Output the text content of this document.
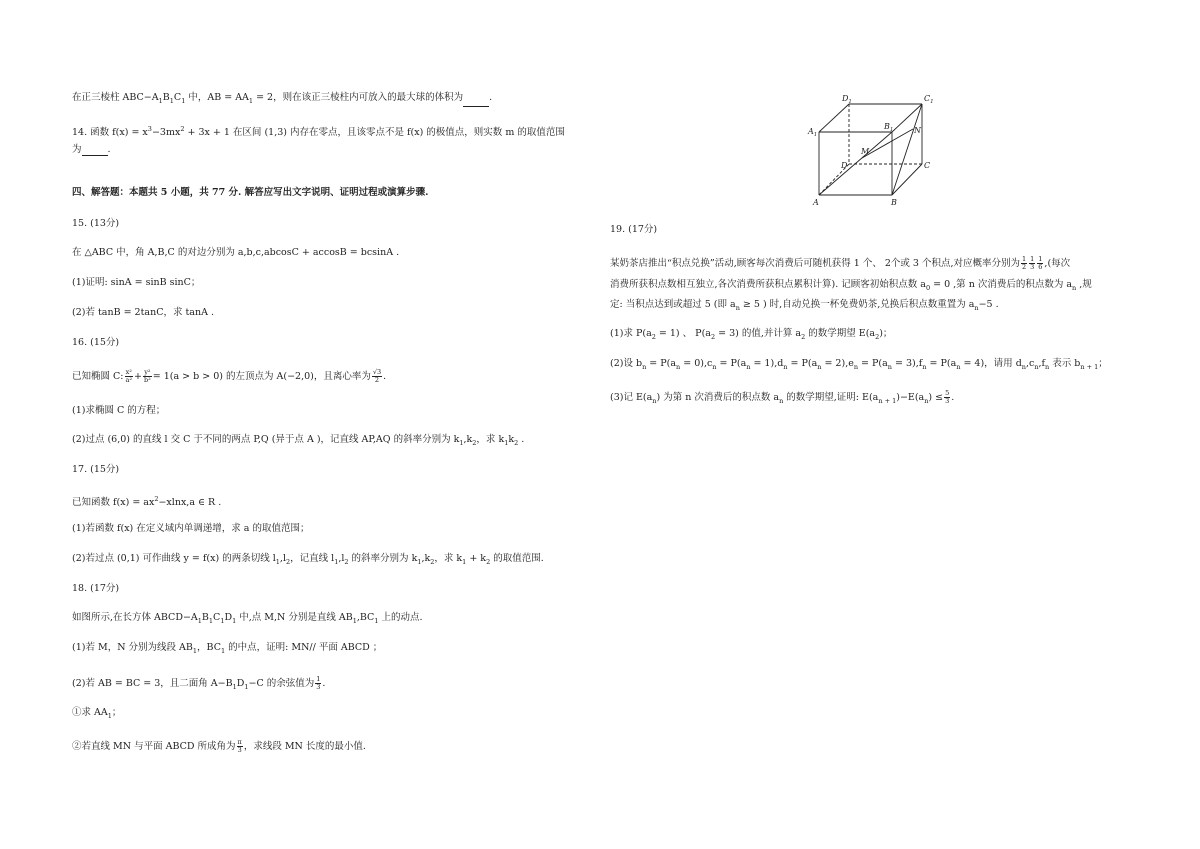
在正三棱柱 $ABC-A_1B_1C_1$ 中，AB = $AA_1 = 2$，则在该正三棱柱内可放入的最大球的体积为	.
14. 函数 $f(x) = x^3-3mx^2 + 3x + 1$ 在区间 (1,3) 内存在零点，且该零点不是 f(x) 的极值点，则实数 m 的取值范围
为	.
四、解答题：本题共 5 小题，共 77 分. 解答应写出文字说明、证明过程或演算步骤.
15. (13分)
在 △ABC 中，角 A,B,C 的对边分别为 a,b,c,abcosC + accosB = bcsinA .
(1)证明: sinA = sinB sinC；
(2)若 tanB = 2tanC，求 tanA .
16. (15分)
已知椭圆 C: $\frac{\text{x²}}{\text{a²}} + \frac{\text{y²}}{\text{b²}} = 1(a > b > 0)$ 的左顶点为 A(−2,0)，且离心率为 $\frac{√3}{2}$ .
(1)求椭圆 C 的方程；
(2)过点 (6,0) 的直线 l 交 C 于不同的两点 P,Q (异于点 A )，记直线 AP,AQ 的斜率分别为 $k_1,k_2$，求 $k_1k_2$ .
17. (15分)
已知函数 $f(x) = ax^2-xlnx,a$ ∈ R .
(1)若函数 f(x) 在定义域内单调递增，求 a 的取值范围；
(2)若过点 (0,1) 可作曲线 y = f(x) 的两条切线 $l_1,l_2$，记直线 $l_1,l_2$ 的斜率分别为 $k_1,k_2$，求 $k_1 + k_2$ 的取值范围.
18. (17分)
如图所示,在长方体 $ABCD-A_1B_1C_1D_1$ 中,点 M,N 分别是直线 $AB_1,BC_1$ 上的动点.
(1)若 M，N 分别为线段 $AB_1$，$BC_1$ 的中点，证明: MN// 平面 ABCD ；
(2)若 AB = BC = 3，且二面角 $A-B_1D_1-C$ 的余弦值为 $\frac{1}{3}$ .
①求 $AA_1$；
②若直线 MN 与平面 ABCD 所成角为 $\frac{\pi}{3}$ ，求线段 MN 长度的最小值.
$D_1$	$C_1$
$A_1$
$B_1$	N
M
D	C
A	B
19. (17分)
某奶茶店推出“积点兑换”活动,顾客每次消费后可随机获得 1 个、 2个或 3 个积点,对应概率分别为 $\frac{1}{2} \frac{1}{3} \frac{1}{6}$ ,(每次
消费所获积点数相互独立,各次消费所获积点累积计算). 记顾客初始积点数 $a_0 = 0$ ,第 n 次消费后的积点数为 $a_n$ ,规
定: 当积点达到或超过 5 (即 $a_n \ge 5$ ) 时,自动兑换一杯免费奶茶,兑换后积点数重置为 $a_n-5$ .
(1)求 $P(a_2 = 1)$ 、 $P(a_2 = 3)$ 的值,并计算 $a_2$ 的数学期望 $E(a_2)$；
(2)设 $b_n = P(a_n = 0),c_n = P(a_n = 1),d_n = P(a_n = 2),e_n = P(a_n = 3),f_n = P(a_n = 4)$，请用 $d_n,c_n,f_n$ 表示 $b_{n + 1}$；
(3)记 $E(a_n)$ 为第 n 次消费后的积点数 $a_n$ 的数学期望,证明: $E(a_{n + 1})-E(a_n) \le \frac{5}{3}$ .
